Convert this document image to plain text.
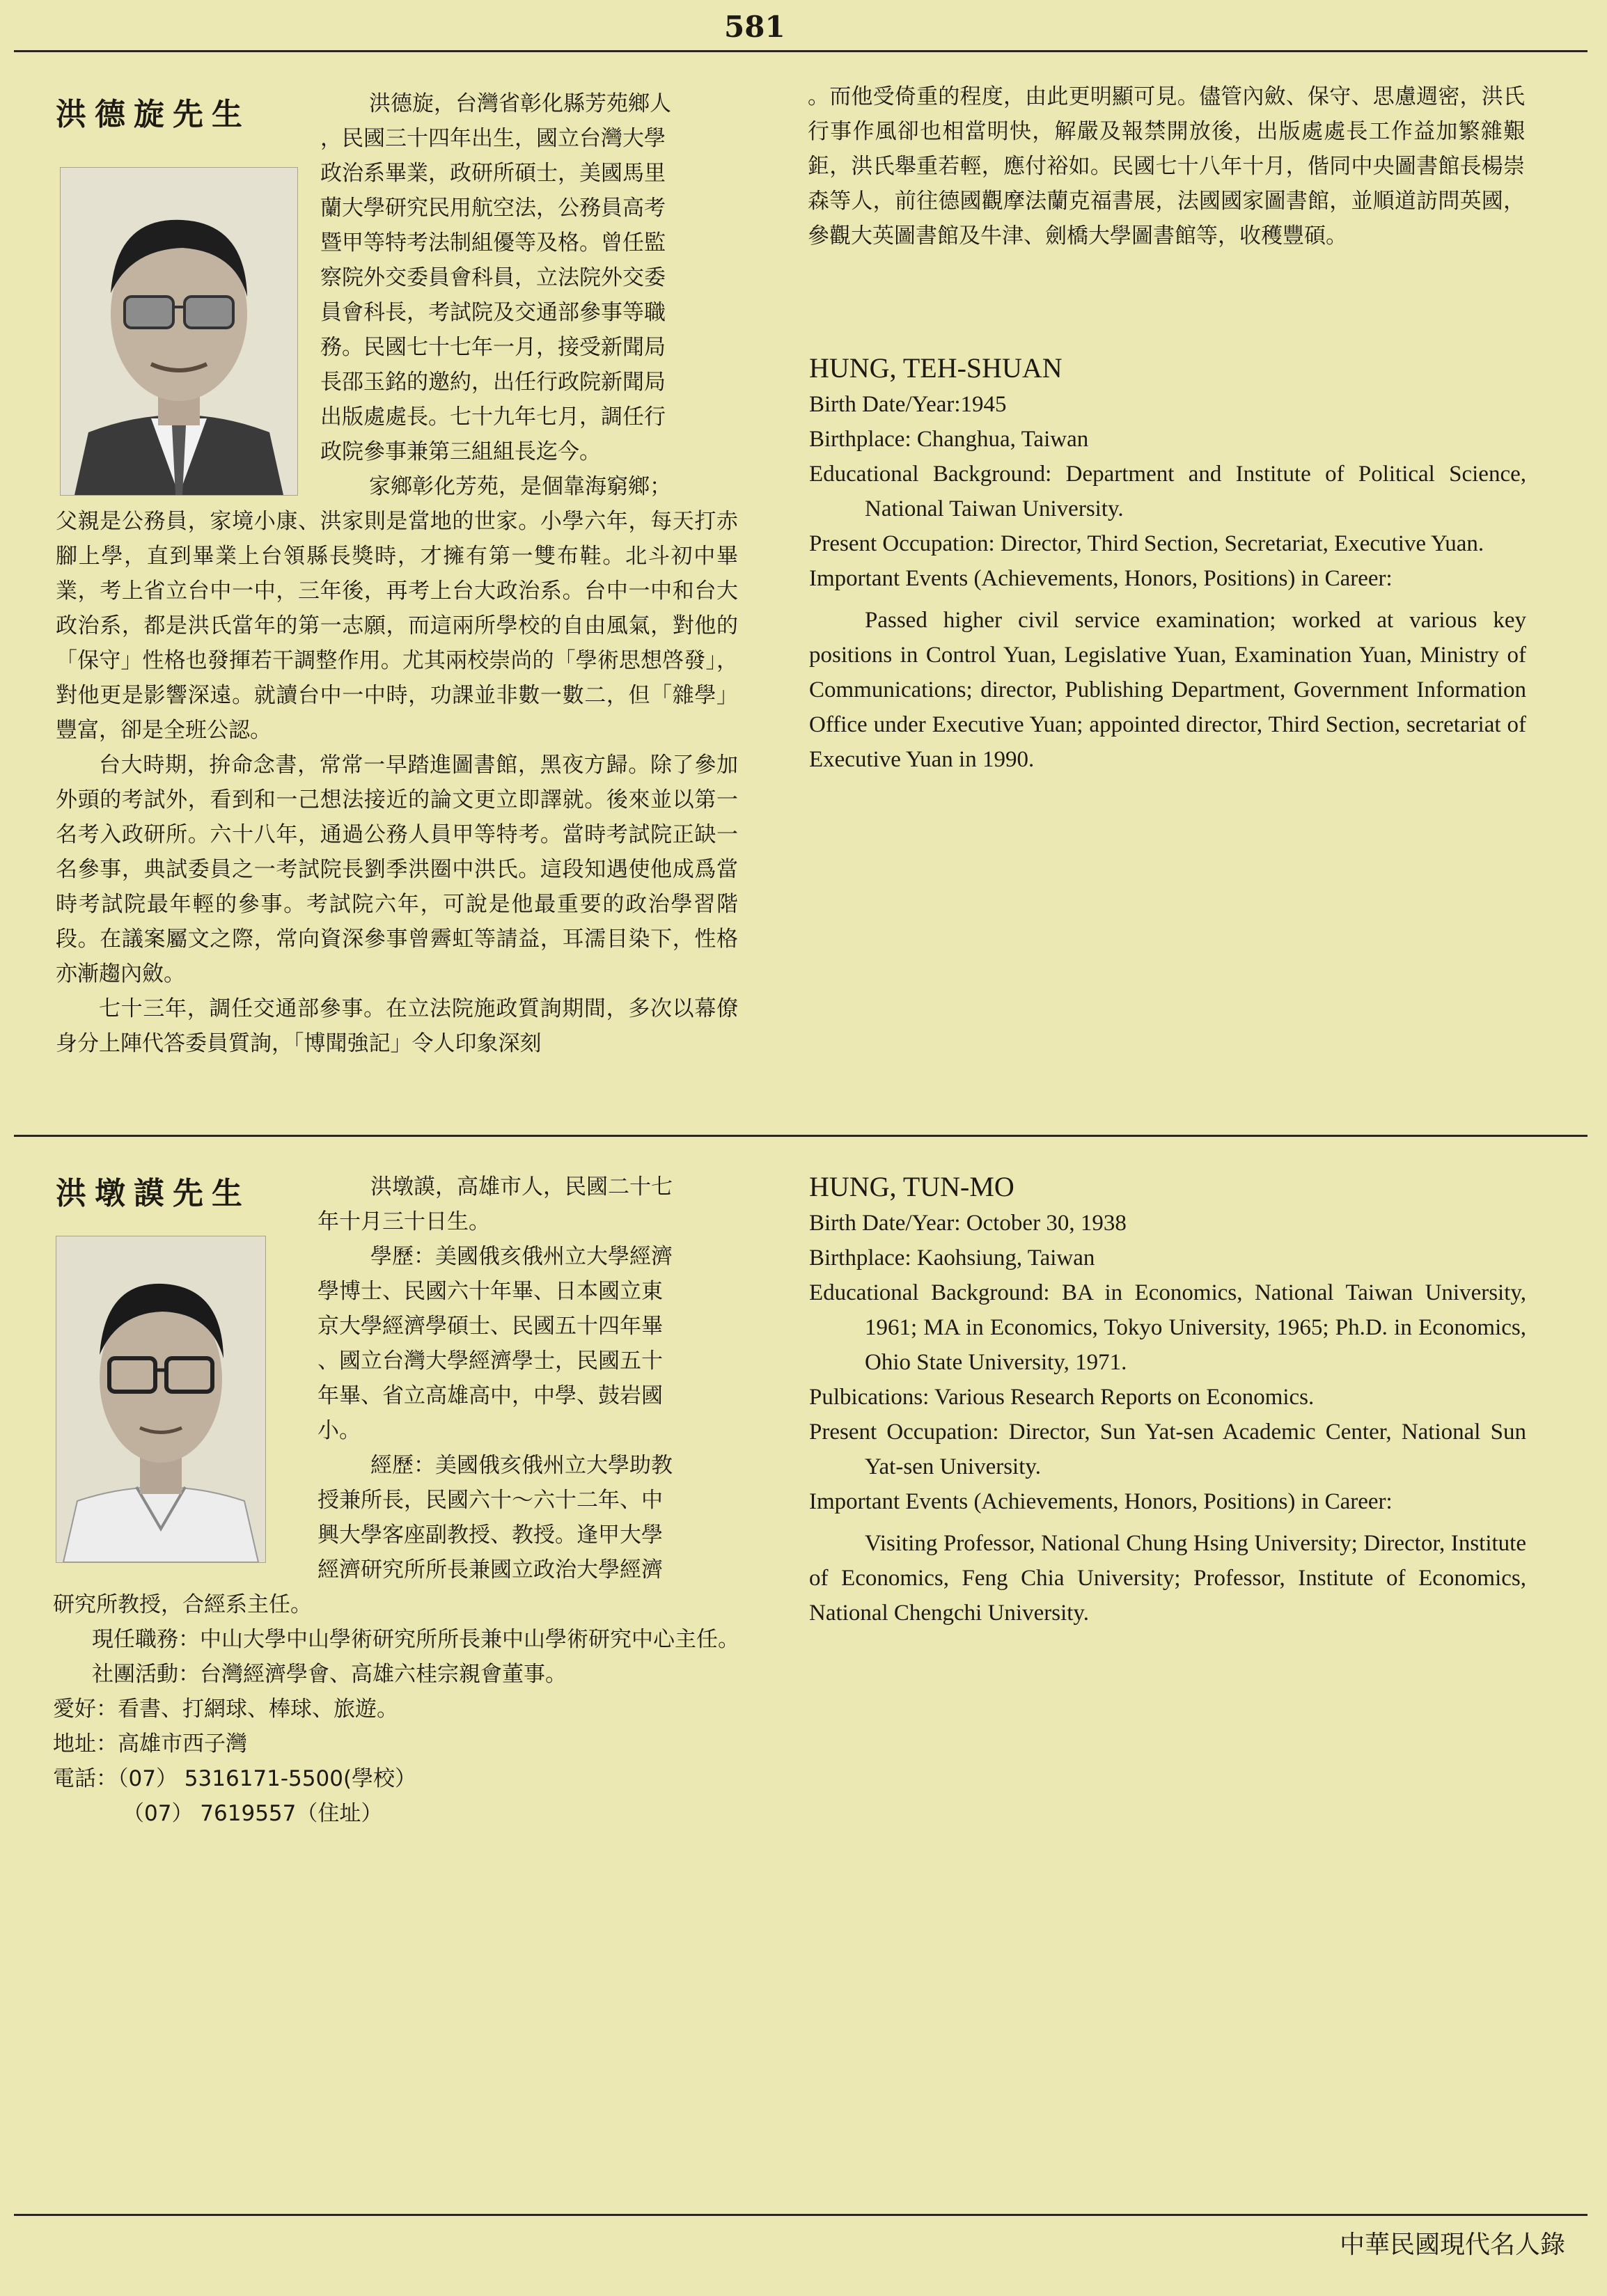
581
洪德旋先生	洪德旋，台灣省彰化縣芳苑鄉人
，民國三十四年出生，國立台灣大學
政治系畢業，政研所碩士，美國馬里
蘭大學研究民用航空法，公務員高考
暨甲等特考法制組優等及格。曾任監
察院外交委員會科員，立法院外交委
員會科長，考試院及交通部參事等職
務。民國七十七年一月，接受新聞局
長邵玉銘的邀約，出任行政院新聞局
出版處處長。七十九年七月，調任行
政院參事兼第三組組長迄今。
家鄉彰化芳苑，是個靠海窮鄉；

父親是公務員，家境小康、洪家則是當地的世家。小學六年，每天打赤腳上學，直到畢業上台領縣長獎時，才擁有第一雙布鞋。北斗初中畢業，考上省立台中一中，三年後，再考上台大政治系。台中一中和台大政治系，都是洪氏當年的第一志願，而這兩所學校的自由風氣，對他的「保守」性格也發揮若干調整作用。尤其兩校崇尚的「學術思想啓發」，對他更是影響深遠。就讀台中一中時，功課並非數一數二，但「雜學」豐富，卻是全班公認。

台大時期，拚命念書，常常一早踏進圖書館，黑夜方歸。除了參加外頭的考試外，看到和一己想法接近的論文更立即譯就。後來並以第一名考入政研所。六十八年，通過公務人員甲等特考。當時考試院正缺一名參事，典試委員之一考試院長劉季洪圈中洪氏。這段知遇使他成爲當時考試院最年輕的參事。考試院六年，可說是他最重要的政治學習階段。在議案屬文之際，常向資深參事曾霽虹等請益，耳濡目染下，性格亦漸趨內斂。

七十三年，調任交通部參事。在立法院施政質詢期間，多次以幕僚身分上陣代答委員質詢，「博聞強記」令人印象深刻

。而他受倚重的程度，由此更明顯可見。儘管內斂、保守、思慮週密，洪氏行事作風卻也相當明快，解嚴及報禁開放後，出版處處長工作益加繁雜艱鉅，洪氏舉重若輕，應付裕如。民國七十八年十月，偕同中央圖書館長楊崇森等人，前往德國觀摩法蘭克福書展，法國國家圖書館，並順道訪問英國，參觀大英圖書館及牛津、劍橋大學圖書館等，收穫豐碩。

HUNG, TEH-SHUAN

Birth Date/Year:1945

Birthplace: Changhua, Taiwan

Educational Background: Department and Institute of Political Science, National Taiwan University.

Present Occupation: Director, Third Section, Secretariat, Executive Yuan.

Important Events (Achievements, Honors, Positions) in Career:

Passed higher civil service examination; worked at various key positions in Control Yuan, Legislative Yuan, Examination Yuan, Ministry of Communications; director, Publishing Department, Government Information Office under Executive Yuan; appointed director, Third Section, secretariat of Executive Yuan in 1990.

洪墩謨先生	洪墩謨，高雄市人，民國二十七
年十月三十日生。
學歷：美國俄亥俄州立大學經濟
學博士、民國六十年畢、日本國立東
京大學經濟學碩士、民國五十四年畢
、國立台灣大學經濟學士，民國五十
年畢、省立高雄高中，中學、鼓岩國
小。
經歷：美國俄亥俄州立大學助教
授兼所長，民國六十～六十二年、中
興大學客座副教授、教授。逢甲大學
經濟研究所所長兼國立政治大學經濟

研究所教授，合經系主任。

現任職務：中山大學中山學術研究所所長兼中山學術研究中心主任。

社團活動：台灣經濟學會、高雄六桂宗親會董事。

愛好：看書、打網球、棒球、旅遊。

地址：高雄市西子灣

電話：（07） 5316171-5500(學校）

（07） 7619557（住址）

HUNG, TUN-MO

Birth Date/Year: October 30, 1938

Birthplace: Kaohsiung, Taiwan

Educational Background: BA in Economics, National Taiwan University, 1961; MA in Economics, Tokyo University, 1965; Ph.D. in Economics, Ohio State University, 1971.

Pulbications: Various Research Reports on Economics.

Present Occupation: Director, Sun Yat-sen Academic Center, National Sun Yat-sen University.

Important Events (Achievements, Honors, Positions) in Career:

Visiting Professor, National Chung Hsing University; Director, Institute of Economics, Feng Chia University; Professor, Institute of Economics, National Chengchi University.

中華民國現代名人錄
